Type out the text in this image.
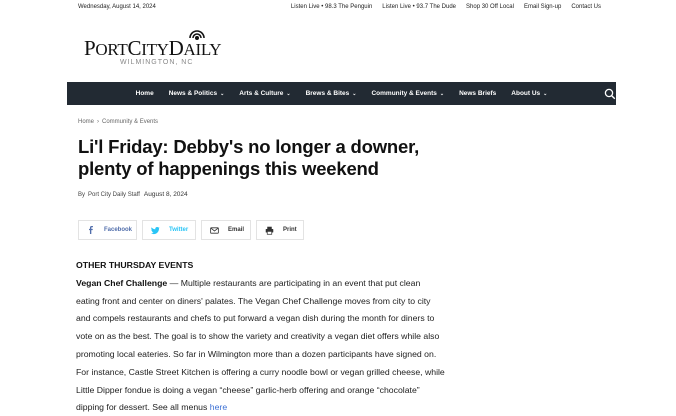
Wednesday, August 14, 2024	Listen Live • 98.3 The Penguin Listen Live • 93.7 The Dude Shop 30 Off Local Email Sign-up Contact Us
PORTCITYDAILY
WILMINGTON, NC
Home	News & Politics ⌄	Arts & Culture ⌄	Brews & Bites ⌄	Community & Events ⌄	News Briefs	About Us ⌄
Home › Community & Events
Li'l Friday: Debby's no longer a downer, plenty of happenings this weekend
By Port City Daily Staff August 8, 2024
Facebook	Twitter	Email	Print
OTHER THURSDAY EVENTS

Vegan Chef Challenge — Multiple restaurants are participating in an event that put clean eating front and center on diners' palates. The Vegan Chef Challenge moves from city to city and compels restaurants and chefs to put forward a vegan dish during the month for diners to vote on as the best. The goal is to show the variety and creativity a vegan diet offers while also promoting local eateries. So far in Wilmington more than a dozen participants have signed on. For instance, Castle Street Kitchen is offering a curry noodle bowl or vegan grilled cheese, while Little Dipper fondue is doing a vegan “cheese” garlic-herb offering and orange “chocolate” dipping for dessert. See all menus here
